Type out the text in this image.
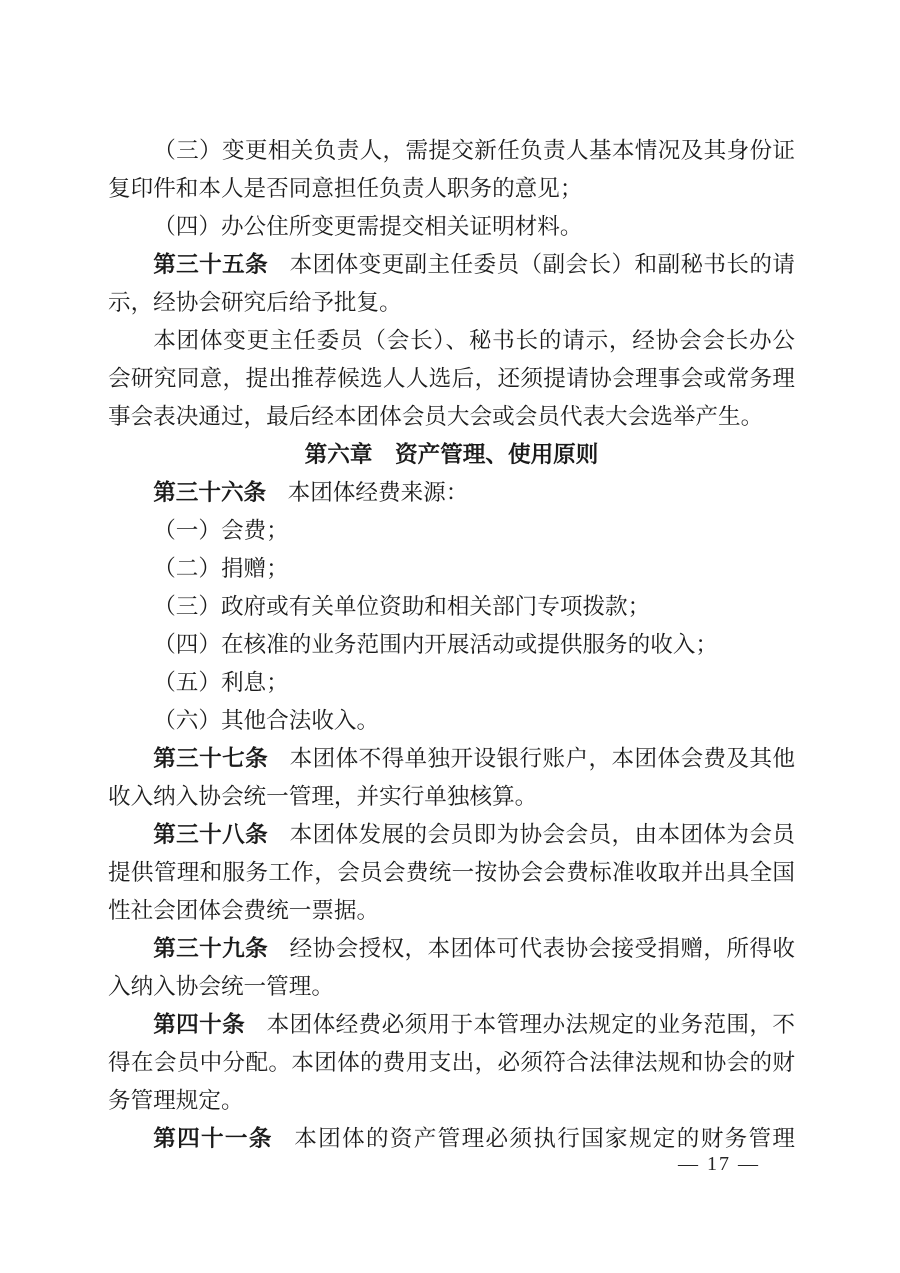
（三）变更相关负责人，需提交新任负责人基本情况及其身份证
复印件和本人是否同意担任负责人职务的意见；
（四）办公住所变更需提交相关证明材料。
第三十五条 本团体变更副主任委员（副会长）和副秘书长的请
示，经协会研究后给予批复。
本团体变更主任委员（会长）、秘书长的请示，经协会会长办公
会研究同意，提出推荐候选人人选后，还须提请协会理事会或常务理
事会表决通过，最后经本团体会员大会或会员代表大会选举产生。
第六章　资产管理、使用原则
第三十六条 本团体经费来源：
（一）会费；
（二）捐赠；
（三）政府或有关单位资助和相关部门专项拨款；
（四）在核准的业务范围内开展活动或提供服务的收入；
（五）利息；
（六）其他合法收入。
第三十七条 本团体不得单独开设银行账户，本团体会费及其他
收入纳入协会统一管理，并实行单独核算。
第三十八条 本团体发展的会员即为协会会员，由本团体为会员
提供管理和服务工作，会员会费统一按协会会费标准收取并出具全国
性社会团体会费统一票据。
第三十九条 经协会授权，本团体可代表协会接受捐赠，所得收
入纳入协会统一管理。
第四十条 本团体经费必须用于本管理办法规定的业务范围，不
得在会员中分配。本团体的费用支出，必须符合法律法规和协会的财
务管理规定。
第四十一条 本团体的资产管理必须执行国家规定的财务管理
— 17 —
